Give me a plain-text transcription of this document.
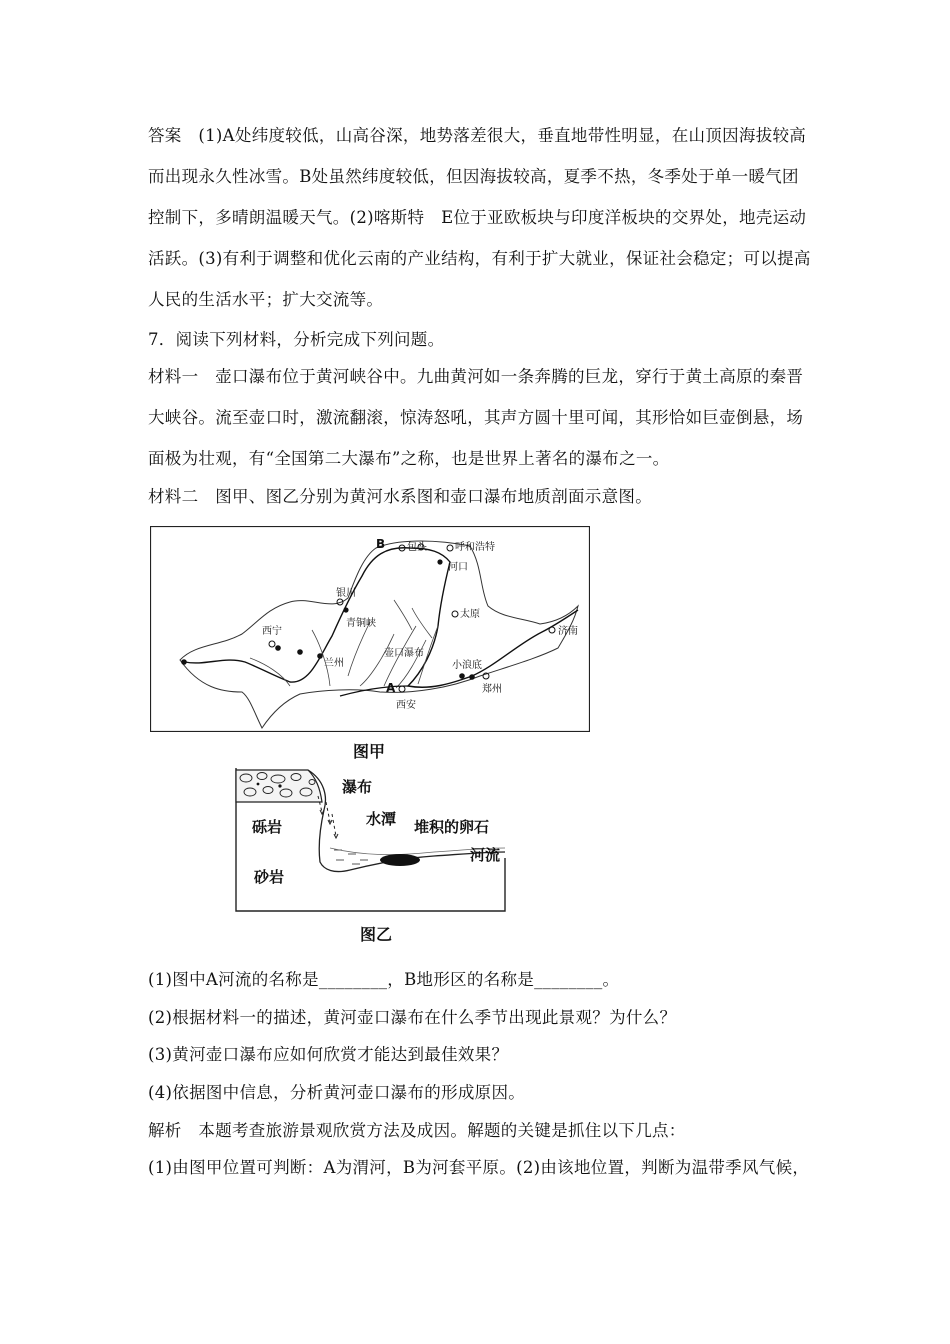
答案　(1)A处纬度较低，山高谷深，地势落差很大，垂直地带性明显，在山顶因海拔较高
而出现永久性冰雪。B处虽然纬度较低，但因海拔较高，夏季不热，冬季处于单一暖气团
控制下，多晴朗温暖天气。(2)喀斯特　E位于亚欧板块与印度洋板块的交界处，地壳运动
活跃。(3)有利于调整和优化云南的产业结构，有利于扩大就业，保证社会稳定；可以提高
人民的生活水平；扩大交流等。
7．阅读下列材料，分析完成下列问题。
材料一　壶口瀑布位于黄河峡谷中。九曲黄河如一条奔腾的巨龙，穿行于黄土高原的秦晋
大峡谷。流至壶口时，激流翻滚，惊涛怒吼，其声方圆十里可闻，其形恰如巨壶倒悬，场
面极为壮观，有“全国第二大瀑布”之称，也是世界上著名的瀑布之一。
材料二　图甲、图乙分别为黄河水系图和壶口瀑布地质剖面示意图。
B 包头	呼和浩特
河口
银川
太原
青铜峡
西宁	济南
兰州
壶口瀑布
小浪底
A	郑州
西安
图甲
瀑布
砾岩	水潭 堆积的卵石
河流
砂岩
图乙
(1)图中A河流的名称是________，B地形区的名称是________。
(2)根据材料一的描述，黄河壶口瀑布在什么季节出现此景观？为什么？
(3)黄河壶口瀑布应如何欣赏才能达到最佳效果？
(4)依据图中信息，分析黄河壶口瀑布的形成原因。
解析　本题考查旅游景观欣赏方法及成因。解题的关键是抓住以下几点：
(1)由图甲位置可判断：A为渭河，B为河套平原。(2)由该地位置，判断为温带季风气候，
